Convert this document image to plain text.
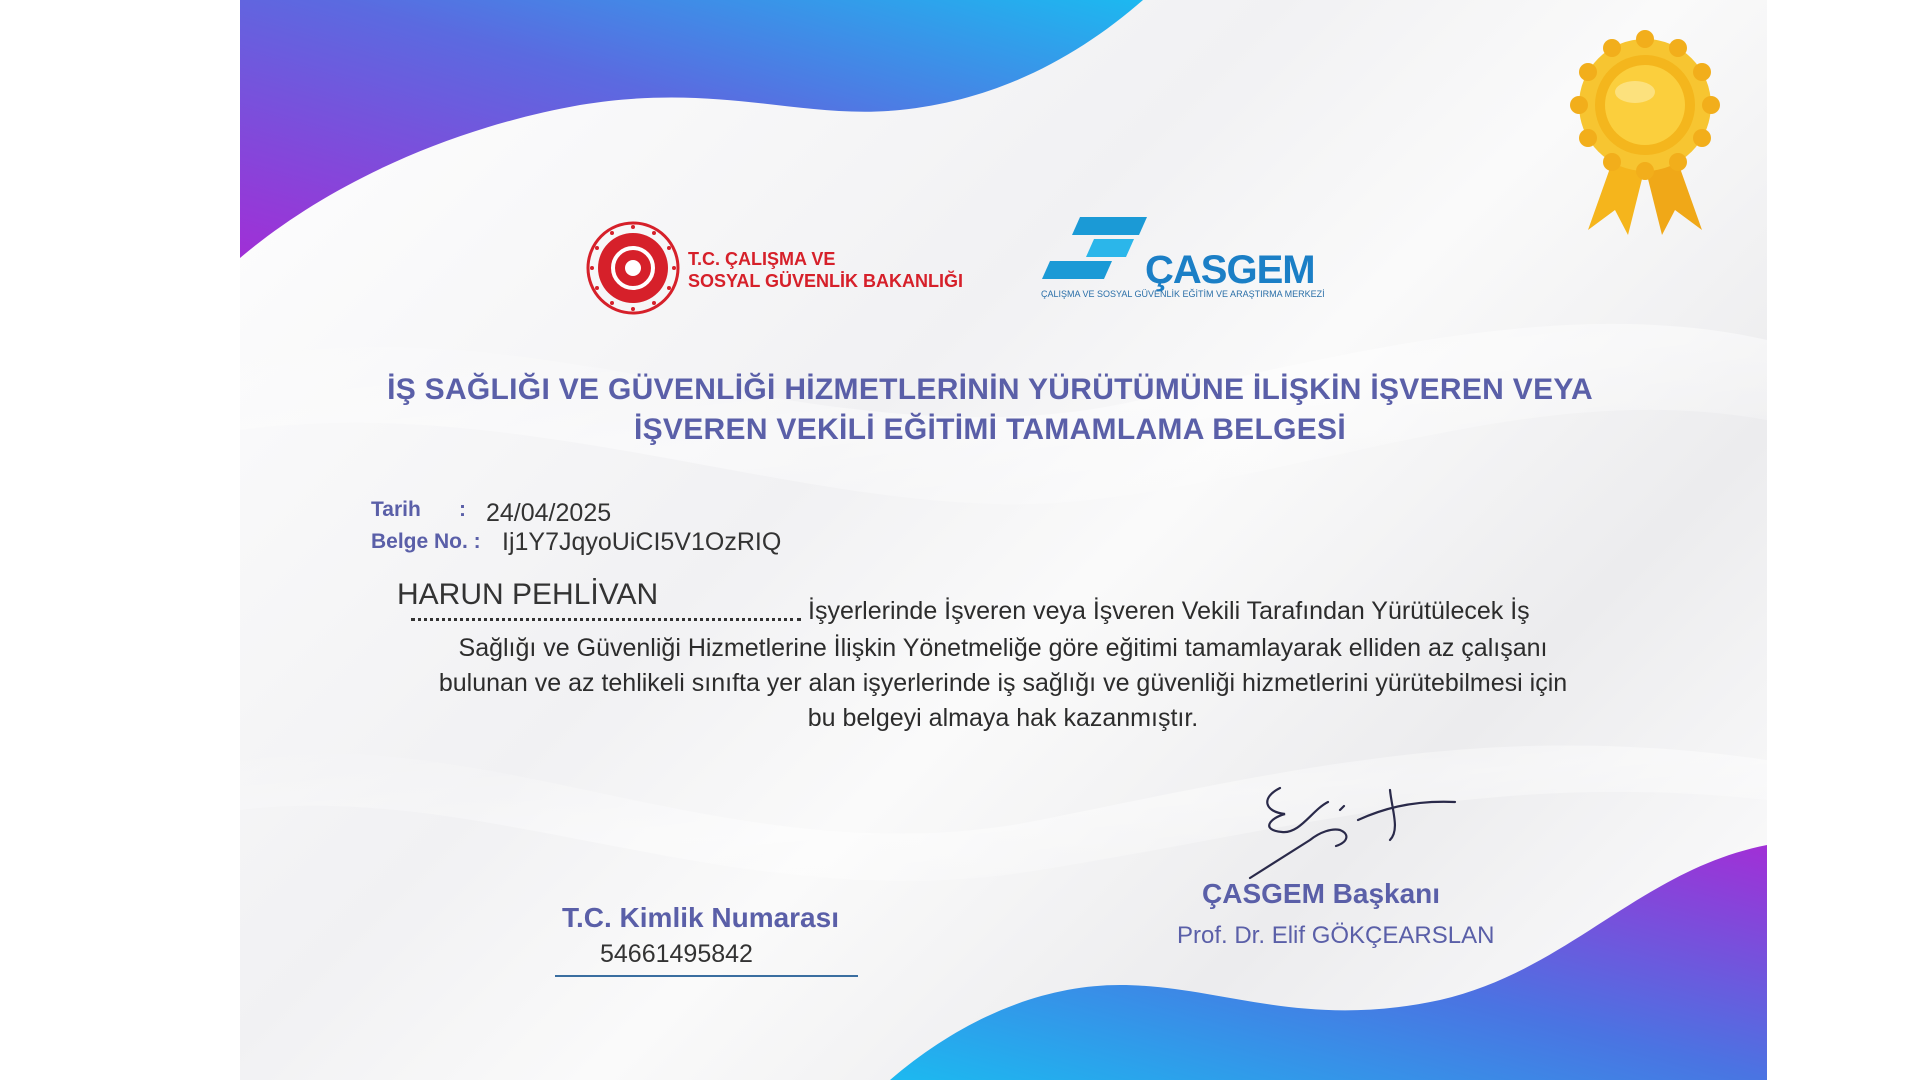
T.C. ÇALIŞMA VE
SOSYAL GÜVENLİK BAKANLIĞI	ÇASGEM
ÇALIŞMA VE SOSYAL GÜVENLİK EĞİTİM VE ARAŞTIRMA MERKEZİ
İŞ SAĞLIĞI VE GÜVENLİĞİ HİZMETLERİNİN YÜRÜTÜMÜNE İLİŞKİN İŞVEREN VEYA
İŞVEREN VEKİLİ EĞİTİMİ TAMAMLAMA BELGESİ
Tarih : 24/04/2025
Belge No. : Ij1Y7JqyoUiCI5V1OzRIQ
HARUN PEHLİVAN	İşyerlerinde İşveren veya İşveren Vekili Tarafından Yürütülecek İş
Sağlığı ve Güvenliği Hizmetlerine İlişkin Yönetmeliğe göre eğitimi tamamlayarak elliden az çalışanı
bulunan ve az tehlikeli sınıfta yer alan işyerlerinde iş sağlığı ve güvenliği hizmetlerini yürütebilmesi için
bu belgeyi almaya hak kazanmıştır.
T.C. Kimlik Numarası
54661495842
ÇASGEM Başkanı
Prof. Dr. Elif GÖKÇEARSLAN
